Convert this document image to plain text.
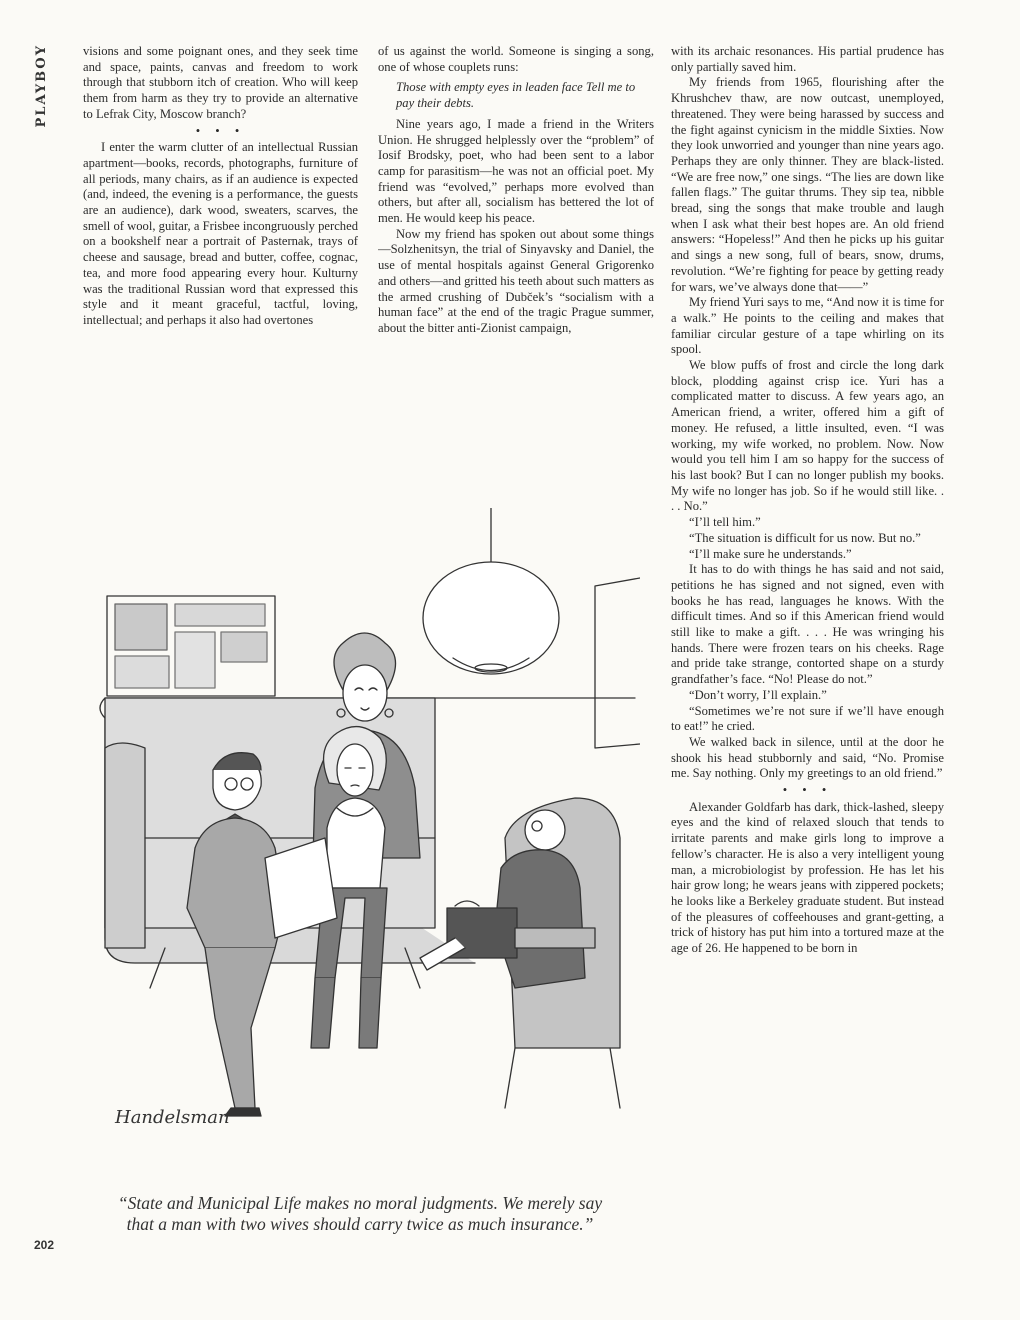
PLAYBOY	visions and some poignant ones, and they seek time and space, paints, canvas and freedom to work through that stubborn itch of creation. Who will keep them from harm as they try to provide an alternative to Lefrak City, Moscow branch?

• • •

I enter the warm clutter of an intellectual Russian apartment—books, records, photographs, furniture of all periods, many chairs, as if an audience is expected (and, indeed, the evening is a performance, the guests are an audience), dark wood, sweaters, scarves, the smell of wool, guitar, a Frisbee incongruously perched on a bookshelf near a portrait of Pasternak, trays of cheese and sausage, bread and butter, coffee, cognac, tea, and more food appearing every hour. Kulturny was the traditional Russian word that expressed this style and it meant graceful, tactful, loving, intellectual; and perhaps it also had overtones

of us against the world. Someone is singing a song, one of whose couplets runs:

Those with empty eyes in leaden face Tell me to pay their debts.

Nine years ago, I made a friend in the Writers Union. He shrugged helplessly over the “problem” of Iosif Brodsky, poet, who had been sent to a labor camp for parasitism—he was not an official poet. My friend was “evolved,” perhaps more evolved than others, but after all, socialism has bettered the lot of men. He would keep his peace.

Now my friend has spoken out about some things—Solzhenitsyn, the trial of Sinyavsky and Daniel, the use of mental hospitals against General Grigorenko and others—and gritted his teeth about such matters as the armed crushing of Dubček’s “socialism with a human face” at the end of the tragic Prague summer, about the bitter anti-Zionist campaign,

with its archaic resonances. His partial prudence has only partially saved him.

My friends from 1965, flourishing after the Khrushchev thaw, are now outcast, unemployed, threatened. They were being harassed by success and the fight against cynicism in the middle Sixties. Now they look unworried and younger than nine years ago. Perhaps they are only thinner. They are black-listed. “We are free now,” one sings. “The lies are down like fallen flags.” The guitar thrums. They sip tea, nibble bread, sing the songs that make trouble and laugh when I ask what their best hopes are. An old friend answers: “Hopeless!” And then he picks up his guitar and sings a new song, full of bears, snow, drums, revolution. “We’re fighting for peace by getting ready for wars, we’ve always done that——”

My friend Yuri says to me, “And now it is time for a walk.” He points to the ceiling and makes that familiar circular gesture of a tape whirling on its spool.

We blow puffs of frost and circle the long dark block, plodding against crisp ice. Yuri has a complicated matter to discuss. A few years ago, an American friend, a writer, offered him a gift of money. He refused, a little insulted, even. “I was working, my wife worked, no problem. Now. Now would you tell him I am so happy for the success of his last book? But I can no longer publish my books. My wife no longer has job. So if he would still like. . . . No.”

“I’ll tell him.”

“The situation is difficult for us now. But no.”

“I’ll make sure he understands.”

It has to do with things he has said and not said, petitions he has signed and not signed, even with books he has read, languages he knows. With the difficult times. And so if this American friend would still like to make a gift. . . . He was wringing his hands. There were frozen tears on his cheeks. Rage and pride take strange, contorted shape on a sturdy grandfather’s face. “No! Please do not.”

“Don’t worry, I’ll explain.”

“Sometimes we’re not sure if we’ll have enough to eat!” he cried.

We walked back in silence, until at the door he shook his head stubbornly and said, “No. Promise me. Say nothing. Only my greetings to an old friend.”

• • •

Alexander Goldfarb has dark, thick-lashed, sleepy eyes and the kind of relaxed slouch that tends to irritate parents and make girls long to improve a fellow’s character. He is also a very intelligent young man, a microbiologist by profession. He has let his hair grow long; he wears jeans with zippered pockets; he looks like a Berkeley graduate student. But instead of the pleasures of coffeehouses and grant-getting, a trick of history has put him into a tortured maze at the age of 26. He happened to be born in

Handelsman
“State and Municipal Life makes no moral judgments. We merely say that a man with two wives should carry twice as much insurance.”
202
